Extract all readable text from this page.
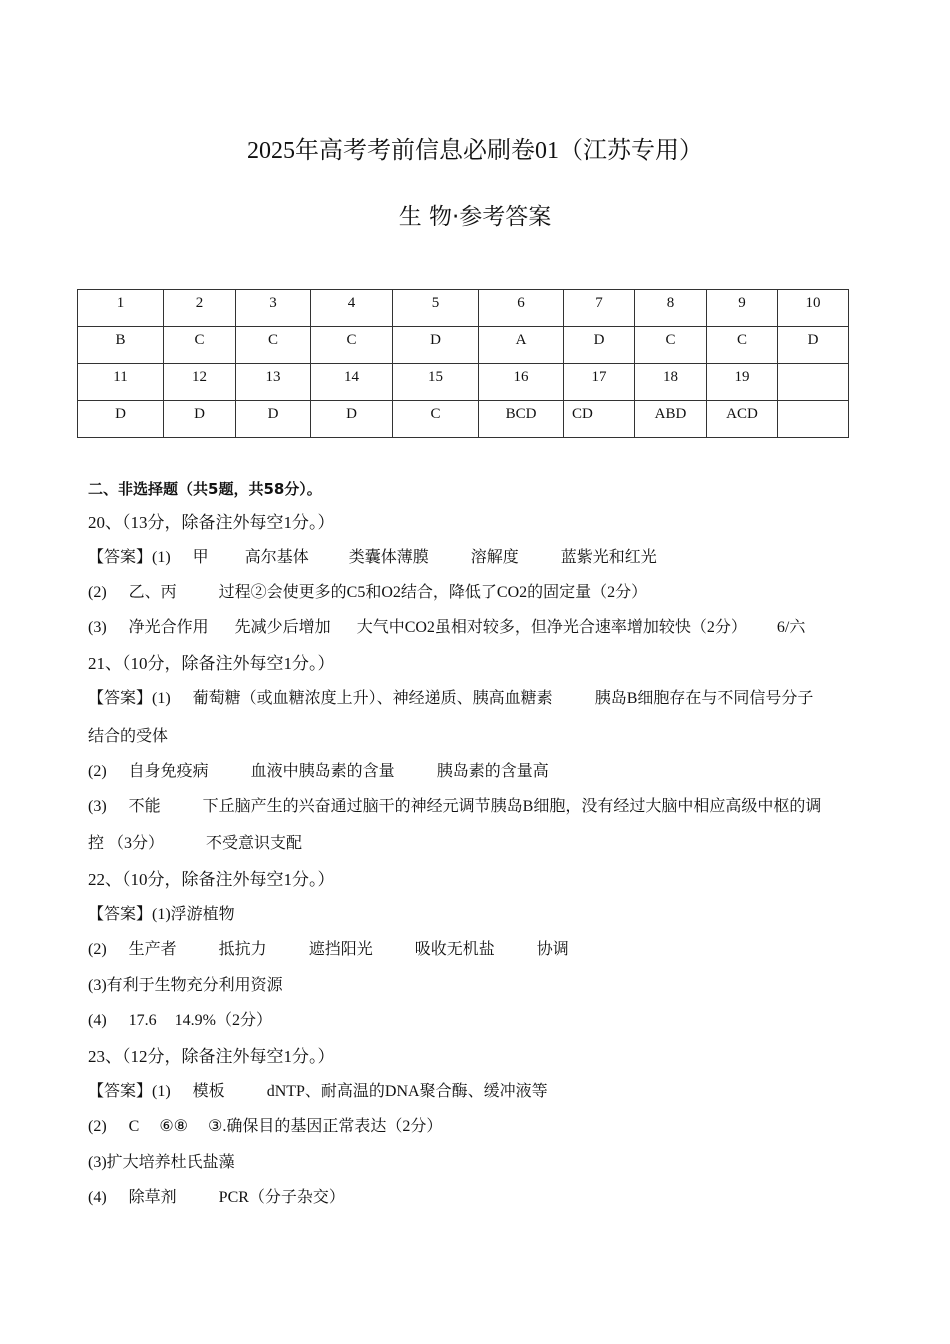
2025年高考考前信息必刷卷01（江苏专用）
生 物·参考答案
1	2	3	4	5	6	7	8	9	10
B	C	C	C	D	A	D	C	C	D
11	12	13	14	15	16	17	18	19	
D	D	D	D	C	BCD	CD	ABD	ACD	
二、非选择题（共5题，共58分）。
20、（13分，除备注外每空1分。）
【答案】(1) 甲 高尔基体	类囊体薄膜	溶解度	蓝紫光和红光
(2) 乙、丙	过程②会使更多的C5和O2结合，降低了CO2的固定量（2分）
(3) 净光合作用 先减少后增加 大气中CO2虽相对较多，但净光合速率增加较快（2分） 6/六
21、（10分，除备注外每空1分。）
【答案】(1) 葡萄糖（或血糖浓度上升）、神经递质、胰高血糖素	胰岛B细胞存在与不同信号分子
结合的受体
(2) 自身免疫病	血液中胰岛素的含量	胰岛素的含量高
(3) 不能	下丘脑产生的兴奋通过脑干的神经元调节胰岛B细胞，没有经过大脑中相应高级中枢的调
控 （3分）	不受意识支配
22、（10分，除备注外每空1分。）
【答案】(1)浮游植物
(2) 生产者	抵抗力	遮挡阳光	吸收无机盐	协调
(3)有利于生物充分利用资源
(4) 17.6 14.9%（2分）
23、（12分，除备注外每空1分。）
【答案】(1) 模板	dNTP、耐高温的DNA聚合酶、缓冲液等
(2) C ⑥⑧ ③.确保目的基因正常表达（2分）
(3)扩大培养杜氏盐藻
(4) 除草剂	PCR（分子杂交）
